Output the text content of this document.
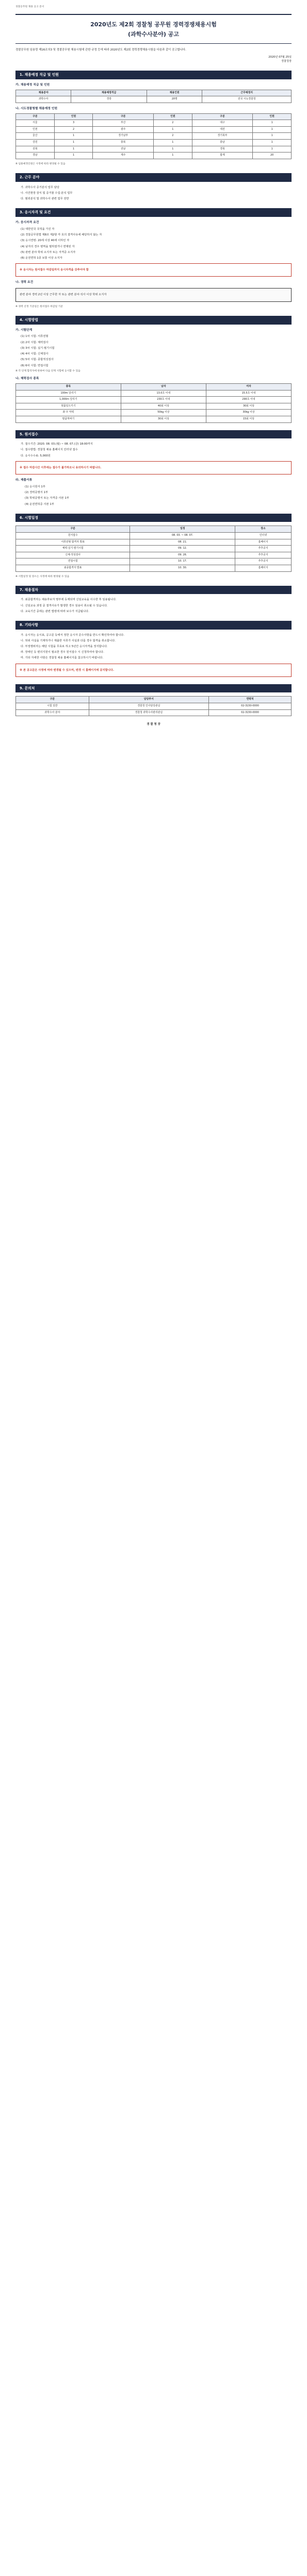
경찰공무원 채용 공고 문서
2020년도 제2회 경찰청 공무원 경력경쟁채용시험
(과학수사분야) 공고
경찰공무원 임용령 제16조의3 및 경찰공무원 채용시험에 관한 규정 등에 따라 2020년도 제2회 경력경쟁채용시험을 다음과 같이 공고합니다.
2020년 07월 25일
경찰청장
1. 채용예정 직급 및 인원
가. 채용예정 직급 및 인원
채용분야	채용예정직급	채용인원	근무예정지
과학수사	경장	20명	전국 시도경찰청
나. 시도경찰청별 채용예정 인원
구분	인원	구분	인원	구분	인원
서울	3	부산	2	대구	1
인천	2	광주	1	대전	1
울산	1	경기남부	2	경기북부	1
강원	1	충북	1	충남	1
전북	1	전남	1	경북	1
경남	1	제주	1	합계	20
※ 임용예정인원은 사정에 따라 변경될 수 있음
2. 근무 분야
가. 과학수사 증거분석 업무 담당
나. 사건현장 감식 및 증거물 수집·분석 업무
다. 범죄분석 및 과학수사 관련 업무 전반
3. 응시자격 및 요건
가. 응시자격 요건
(1) 대한민국 국적을 가진 자
(2) 경찰공무원법 제8조 제2항 각 호의 결격사유에 해당하지 않는 자
(3) 응시연령: 20세 이상 40세 이하인 자
(4) 남자의 경우 병역을 필하였거나 면제된 자
(5) 관련 분야 학위 소지자 또는 자격증 소지자
(6) 운전면허 1종 보통 이상 소지자
※ 응시자는 원서접수 마감일까지 응시자격을 갖추어야 함
나. 경력 요건
관련 분야 경력 2년 이상 근무한 자 또는 관련 분야 석사 이상 학위 소지자
※ 경력 산정 기준일은 원서접수 마감일 기준
4. 시험방법
가. 시험단계
(1) 1차 시험: 서류전형
(2) 2차 시험: 체력검사
(3) 3차 시험: 실기·필기시험
(4) 4차 시험: 신체검사
(5) 5차 시험: 종합적성검사
(6) 6차 시험: 면접시험
※ 각 단계 합격자에 한하여 다음 단계 시험에 응시할 수 있음
나. 체력검사 종목
종목	남자	여자
100m 달리기	13.0초 이내	15.5초 이내
1,000m 달리기	230초 이내	290초 이내
윗몸일으키기	40회 이상	30회 이상
좌·우 악력	50kg 이상	30kg 이상
팔굽혀펴기	30회 이상	15회 이상
5. 원서접수
가. 접수기간: 2020. 08. 03.(월) ~ 08. 07.(금) 18:00까지
나. 접수방법: 경찰청 채용 홈페이지 인터넷 접수
다. 응시수수료: 5,000원
※ 접수 마감시간 이후에는 접수가 불가하오니 유의하시기 바랍니다.
라. 제출서류
(1) 응시원서 1부
(2) 경력증명서 1부
(3) 학위증명서 또는 자격증 사본 1부
(4) 운전면허증 사본 1부
6. 시험일정
구분	일정	장소
원서접수	08. 03. ~ 08. 07.	인터넷
서류전형 합격자 발표	08. 21.	홈페이지
체력·실기·필기시험	09. 12.	추후공지
신체·적성검사	09. 26.	추후공지
면접시험	10. 17.	추후공지
최종합격자 발표	10. 30.	홈페이지
※ 시험일정 및 장소는 사정에 따라 변경될 수 있음
7. 채용절차
가. 최종합격자는 채용후보자 명부에 등재되며 신임교육을 이수한 후 임용됩니다.
나. 신임교육 과정 중 결격사유가 발생한 경우 임용이 취소될 수 있습니다.
다. 교육기간 중에는 관련 법령에 따라 보수가 지급됩니다.
8. 기타사항
가. 응시자는 응시표, 공고문 등에서 정한 응시자 준수사항을 반드시 확인하여야 합니다.
나. 허위 사실을 기재하거나 제출한 서류가 사실과 다를 경우 합격을 취소합니다.
다. 부정행위자는 해당 시험을 무효로 하고 5년간 응시자격을 정지합니다.
라. 장애인 등 편의지원이 필요한 경우 원서접수 시 신청하여야 합니다.
마. 기타 자세한 사항은 경찰청 채용 홈페이지를 참고하시기 바랍니다.
※ 본 공고문은 사정에 따라 변경될 수 있으며, 변경 시 홈페이지에 공지합니다.
9. 문의처
구분	담당부서	연락처
시험 일반	경찰청 인사담당관실	02-3150-0000
과학수사 분야	경찰청 과학수사관리관실	02-3150-0000
경 찰 청 장
